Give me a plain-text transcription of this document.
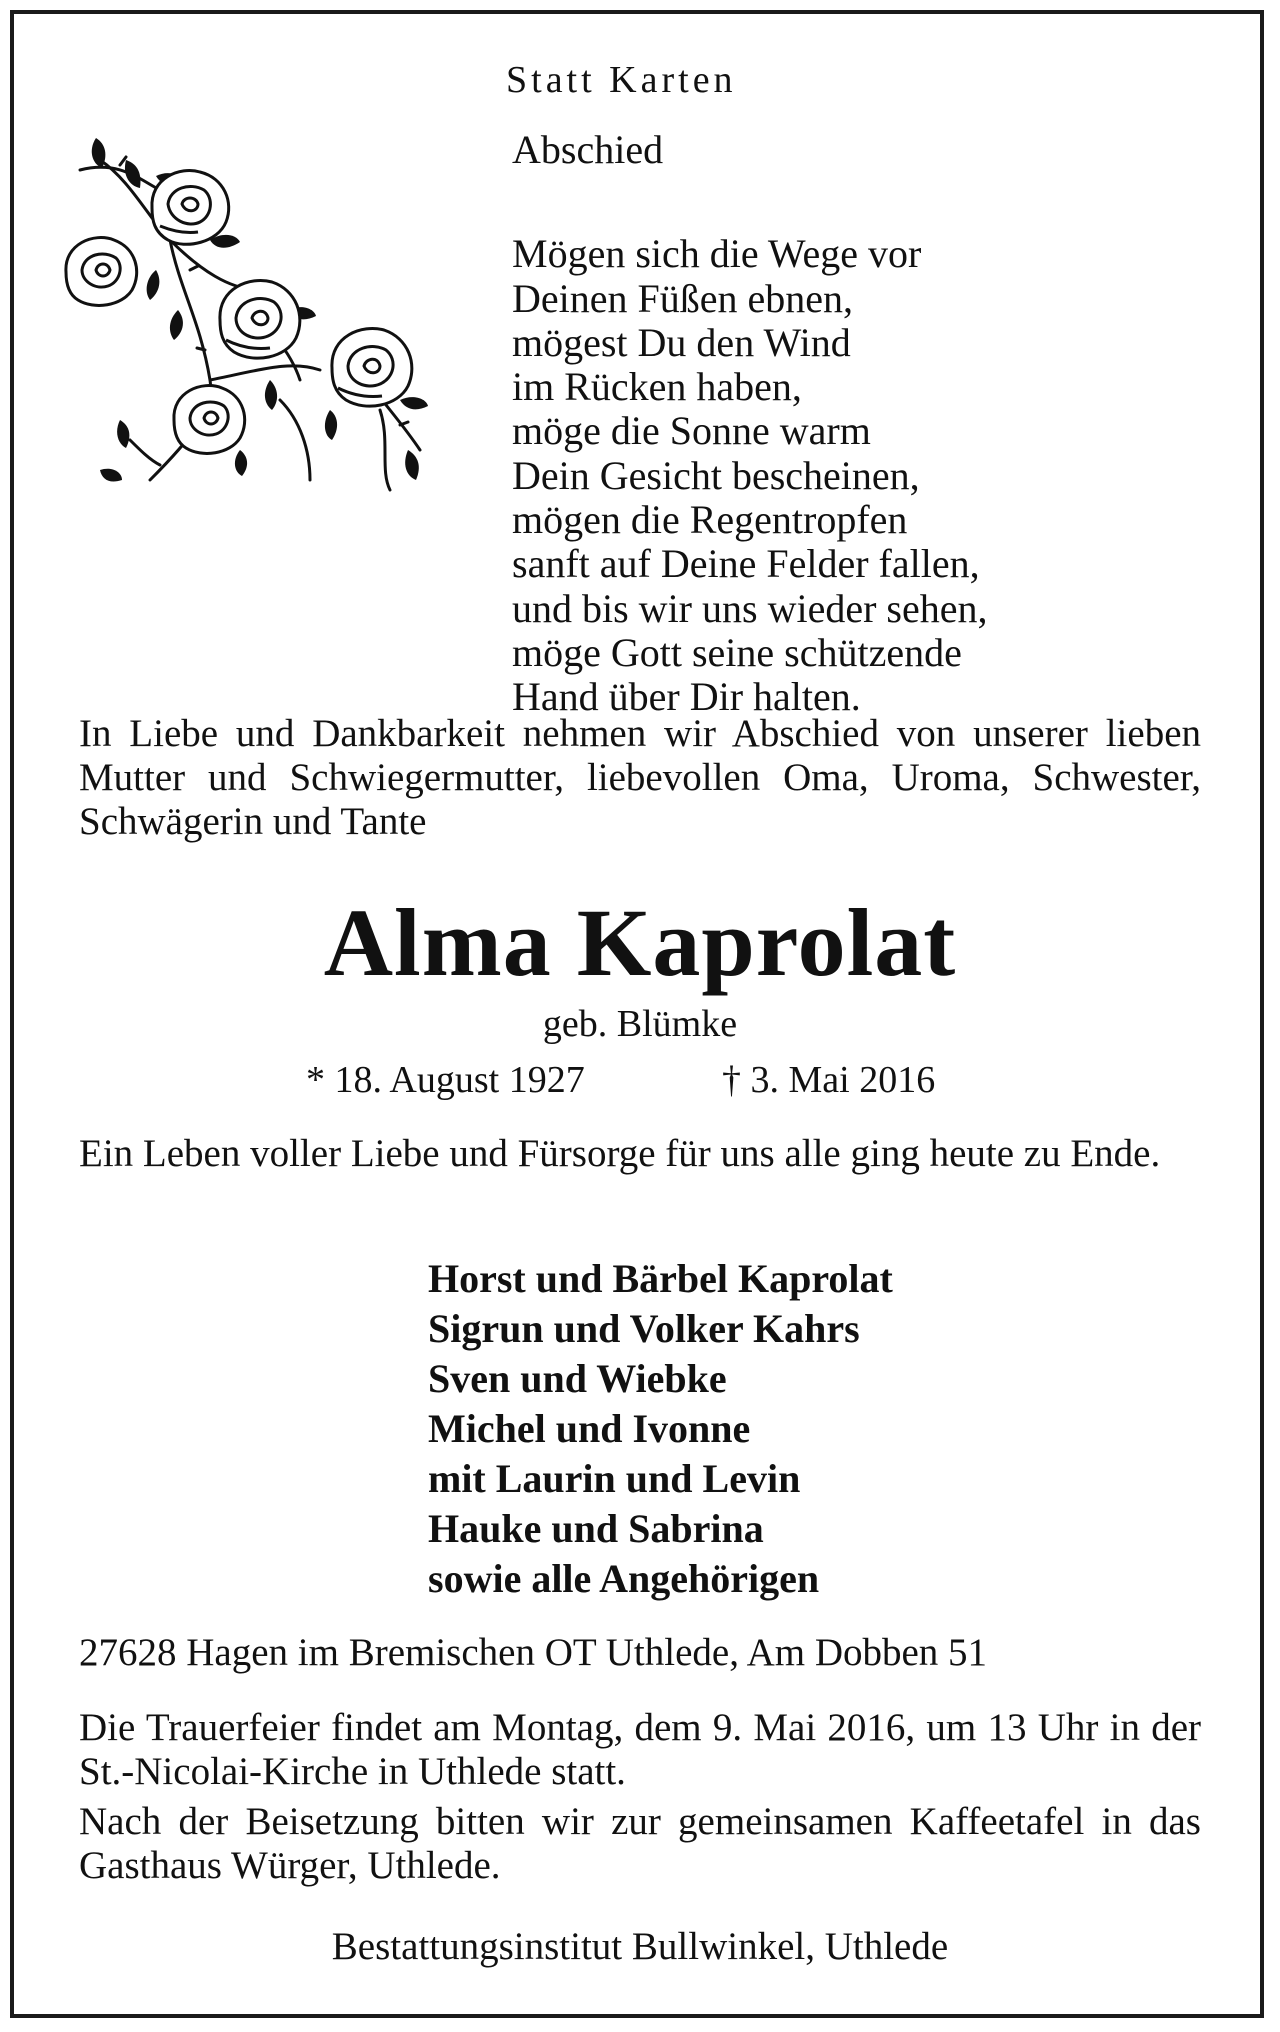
Statt Karten

Abschied

Mögen sich die Wege vor
Deinen Füßen ebnen,
mögest Du den Wind
im Rücken haben,
möge die Sonne warm
Dein Gesicht bescheinen,
mögen die Regentropfen
sanft auf Deine Felder fallen,
und bis wir uns wieder sehen,
möge Gott seine schützende
Hand über Dir halten.

In Liebe und Dankbarkeit nehmen wir Abschied von unserer lieben Mutter und Schwiegermutter, liebevollen Oma, Uroma, Schwester, Schwägerin und Tante

Alma Kaprolat

geb. Blümke

* 18. August 1927	† 3. Mai 2016

Ein Leben voller Liebe und Fürsorge für uns alle ging heute zu Ende.

Horst und Bärbel Kaprolat
Sigrun und Volker Kahrs
Sven und Wiebke
Michel und Ivonne
mit Laurin und Levin
Hauke und Sabrina
sowie alle Angehörigen

27628 Hagen im Bremischen OT Uthlede, Am Dobben 51

Die Trauerfeier findet am Montag, dem 9. Mai 2016, um 13 Uhr in der St.-Nicolai-Kirche in Uthlede statt.

Nach der Beisetzung bitten wir zur gemeinsamen Kaffeetafel in das Gasthaus Würger, Uthlede.

Bestattungsinstitut Bullwinkel, Uthlede
